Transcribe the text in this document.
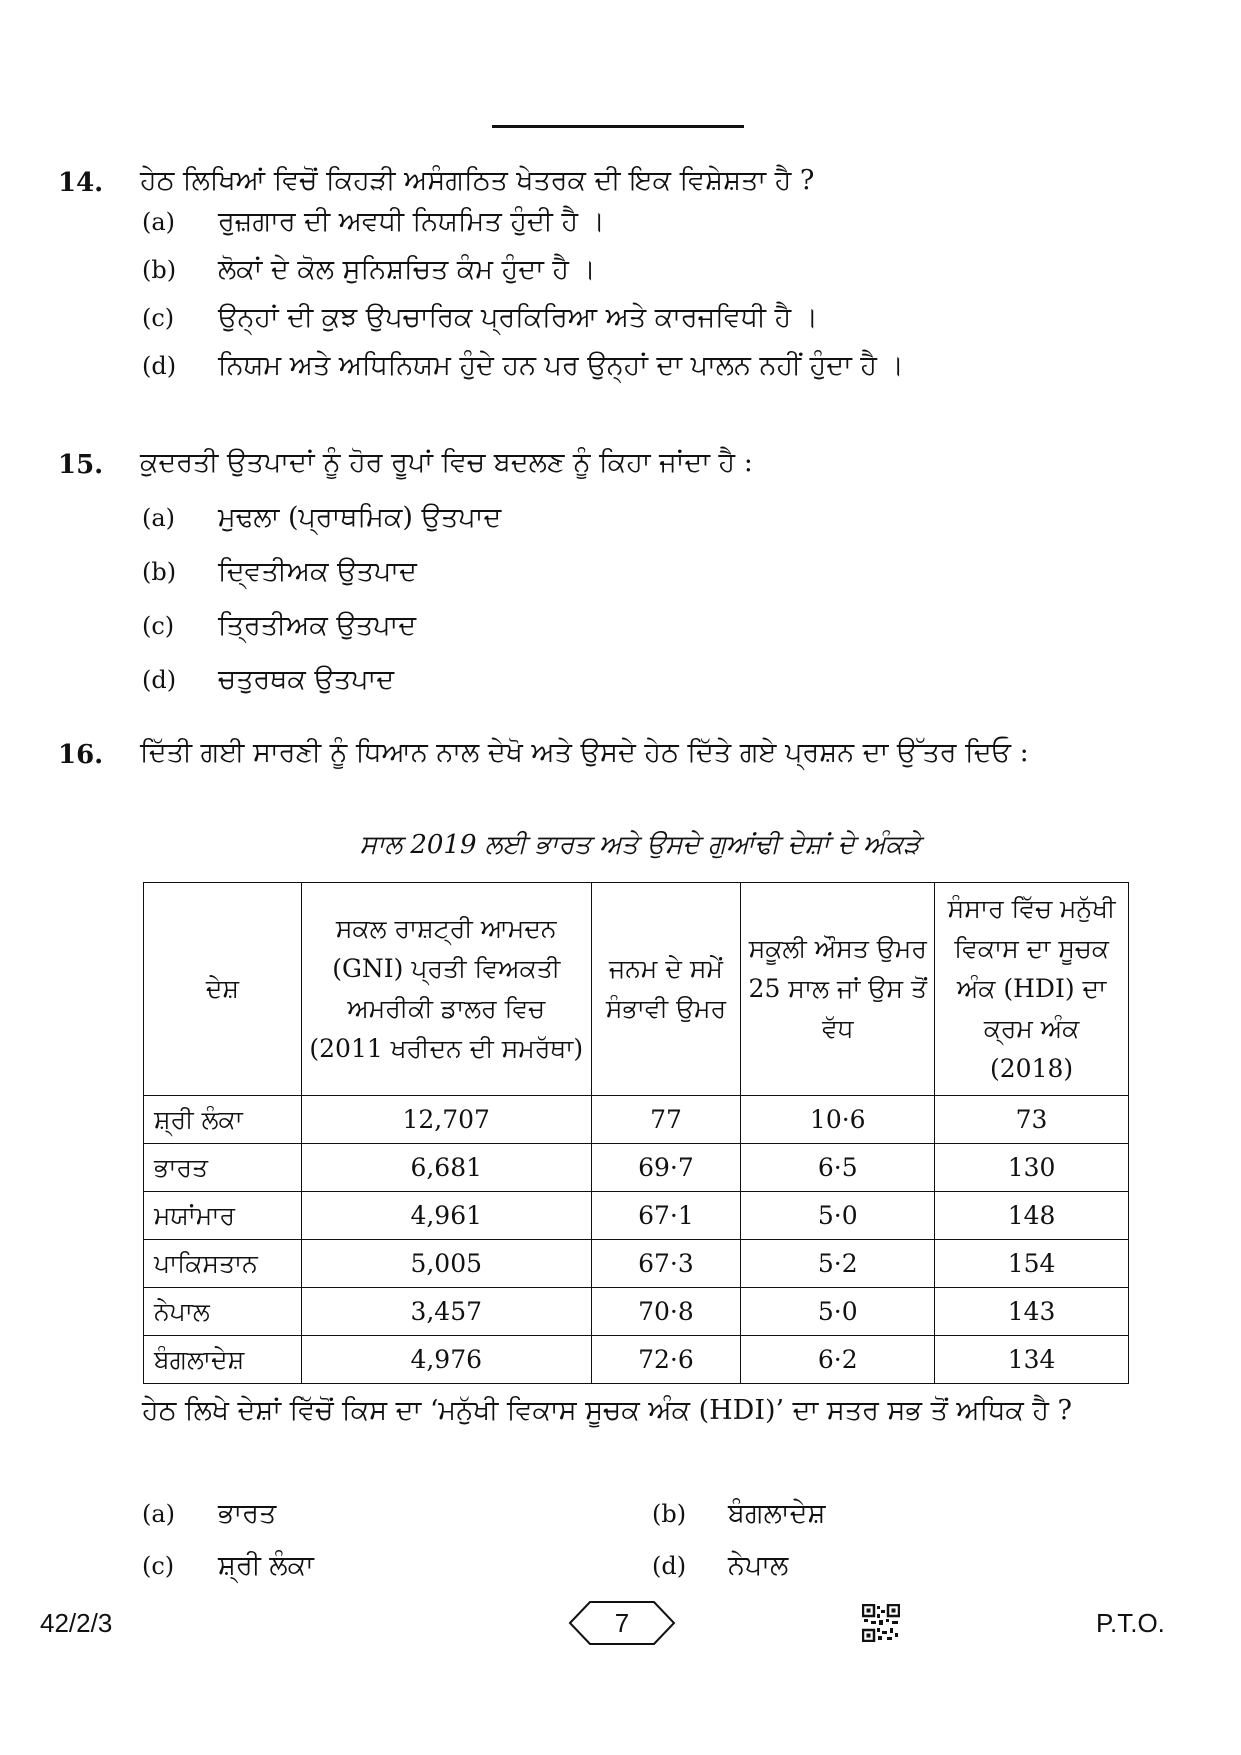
14. ਹੇਠ ਲਿਖਿਆਂ ਵਿਚੋਂ ਕਿਹੜੀ ਅਸੰਗਠਿਤ ਖੇਤਰਕ ਦੀ ਇਕ ਵਿਸ਼ੇਸ਼ਤਾ ਹੈ ?
(a) ਰੁਜ਼ਗਾਰ ਦੀ ਅਵਧੀ ਨਿਯਮਿਤ ਹੁੰਦੀ ਹੈ ।
(b) ਲੋਕਾਂ ਦੇ ਕੋਲ ਸੁਨਿਸ਼ਚਿਤ ਕੰਮ ਹੁੰਦਾ ਹੈ ।
(c) ਉਨ੍ਹਾਂ ਦੀ ਕੁਝ ਉਪਚਾਰਿਕ ਪ੍ਰਕਿਰਿਆ ਅਤੇ ਕਾਰਜਵਿਧੀ ਹੈ ।
(d) ਨਿਯਮ ਅਤੇ ਅਧਿਨਿਯਮ ਹੁੰਦੇ ਹਨ ਪਰ ਉਨ੍ਹਾਂ ਦਾ ਪਾਲਨ ਨਹੀਂ ਹੁੰਦਾ ਹੈ ।
15. ਕੁਦਰਤੀ ਉਤਪਾਦਾਂ ਨੂੰ ਹੋਰ ਰੂਪਾਂ ਵਿਚ ਬਦਲਣ ਨੂੰ ਕਿਹਾ ਜਾਂਦਾ ਹੈ :
(a) ਮੁਢਲਾ (ਪ੍ਰਾਥਮਿਕ) ਉਤਪਾਦ
(b) ਦ੍ਵਿਤੀਅਕ ਉਤਪਾਦ
(c) ਤ੍ਰਿਤੀਅਕ ਉਤਪਾਦ
(d) ਚਤੁਰਥਕ ਉਤਪਾਦ
16. ਦਿੱਤੀ ਗਈ ਸਾਰਣੀ ਨੂੰ ਧਿਆਨ ਨਾਲ ਦੇਖੋ ਅਤੇ ਉਸਦੇ ਹੇਠ ਦਿੱਤੇ ਗਏ ਪ੍ਰਸ਼ਨ ਦਾ ਉੱਤਰ ਦਿਓ :
ਸਾਲ 2019 ਲਈ ਭਾਰਤ ਅਤੇ ਉਸਦੇ ਗੁਆਂਢੀ ਦੇਸ਼ਾਂ ਦੇ ਅੰਕੜੇ
ਦੇਸ਼	ਸਕਲ ਰਾਸ਼ਟ੍ਰੀ ਆਮਦਨ (GNI) ਪ੍ਰਤੀ ਵਿਅਕਤੀ ਅਮਰੀਕੀ ਡਾਲਰ ਵਿਚ (2011 ਖਰੀਦਨ ਦੀ ਸਮਰੱਥਾ)	ਜਨਮ ਦੇ ਸਮੇਂ ਸੰਭਾਵੀ ਉਮਰ	ਸਕੂਲੀ ਔਸਤ ਉਮਰ 25 ਸਾਲ ਜਾਂ ਉਸ ਤੋਂ ਵੱਧ	ਸੰਸਾਰ ਵਿੱਚ ਮਨੁੱਖੀ ਵਿਕਾਸ ਦਾ ਸੂਚਕ ਅੰਕ (HDI) ਦਾ ਕ੍ਰਮ ਅੰਕ (2018)
ਸ਼੍ਰੀ ਲੰਕਾ	12,707	77	10·6	73
ਭਾਰਤ	6,681	69·7	6·5	130
ਮਯਾਂਮਾਰ	4,961	67·1	5·0	148
ਪਾਕਿਸਤਾਨ	5,005	67·3	5·2	154
ਨੇਪਾਲ	3,457	70·8	5·0	143
ਬੰਗਲਾਦੇਸ਼	4,976	72·6	6·2	134
ਹੇਠ ਲਿਖੇ ਦੇਸ਼ਾਂ ਵਿੱਚੋਂ ਕਿਸ ਦਾ ‘ਮਨੁੱਖੀ ਵਿਕਾਸ ਸੂਚਕ ਅੰਕ (HDI)’ ਦਾ ਸਤਰ ਸਭ ਤੋਂ ਅਧਿਕ ਹੈ ?
(a) ਭਾਰਤ	(b) ਬੰਗਲਾਦੇਸ਼
(c) ਸ਼੍ਰੀ ਲੰਕਾ	(d) ਨੇਪਾਲ
42/2/3	7	P.T.O.
